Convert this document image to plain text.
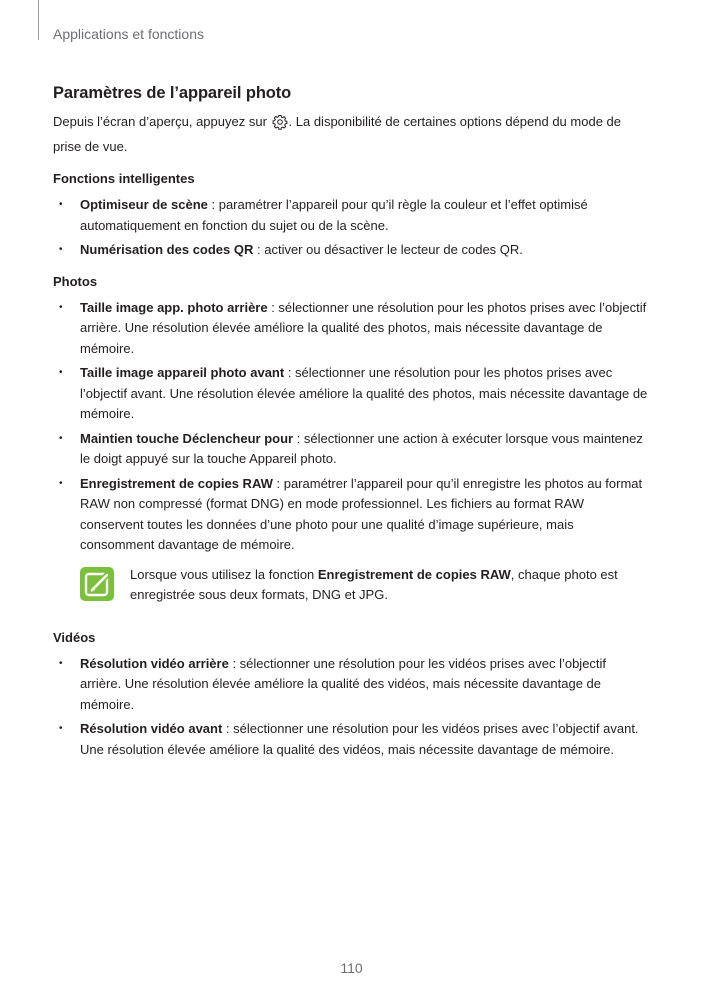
Applications et fonctions
Paramètres de l’appareil photo

Depuis l’écran d’aperçu, appuyez sur . La disponibilité de certaines options dépend du mode de prise de vue.

Fonctions intelligentes
• Optimiseur de scène : paramétrer l’appareil pour qu’il règle la couleur et l’effet optimisé automatiquement en fonction du sujet ou de la scène.
• Numérisation des codes QR : activer ou désactiver le lecteur de codes QR.
Photos
• Taille image app. photo arrière : sélectionner une résolution pour les photos prises avec l’objectif arrière. Une résolution élevée améliore la qualité des photos, mais nécessite davantage de mémoire.
• Taille image appareil photo avant : sélectionner une résolution pour les photos prises avec l’objectif avant. Une résolution élevée améliore la qualité des photos, mais nécessite davantage de mémoire.
• Maintien touche Déclencheur pour : sélectionner une action à exécuter lorsque vous maintenez le doigt appuyé sur la touche Appareil photo.
• Enregistrement de copies RAW : paramétrer l’appareil pour qu’il enregistre les photos au format RAW non compressé (format DNG) en mode professionnel. Les fichiers au format RAW conservent toutes les données d’une photo pour une qualité d’image supérieure, mais consomment davantage de mémoire.
Lorsque vous utilisez la fonction Enregistrement de copies RAW, chaque photo est enregistrée sous deux formats, DNG et JPG.
Vidéos
• Résolution vidéo arrière : sélectionner une résolution pour les vidéos prises avec l’objectif arrière. Une résolution élevée améliore la qualité des vidéos, mais nécessite davantage de mémoire.
• Résolution vidéo avant : sélectionner une résolution pour les vidéos prises avec l’objectif avant. Une résolution élevée améliore la qualité des vidéos, mais nécessite davantage de mémoire.
110
